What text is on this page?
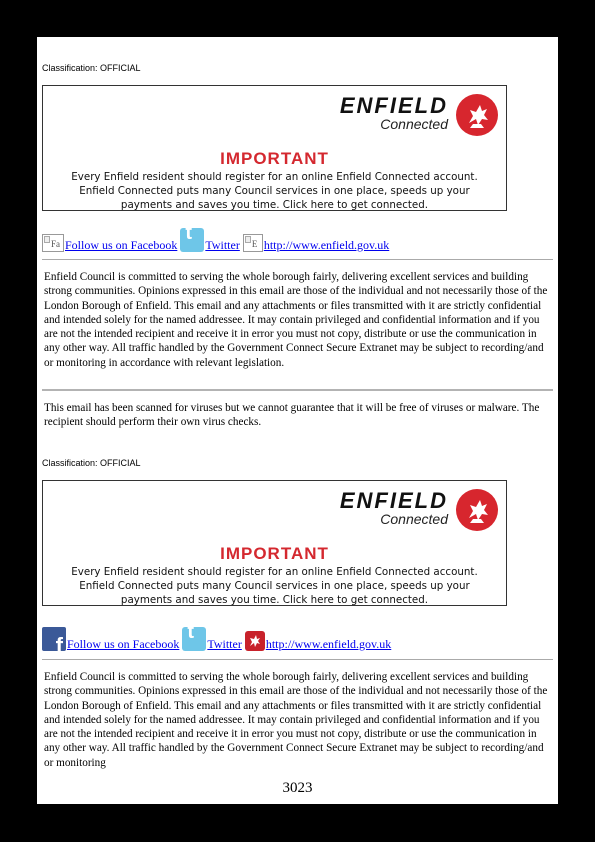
Classification: OFFICIAL
ENFIELD
Connected
IMPORTANT
Every Enfield resident should register for an online Enfield Connected account. Enfield Connected puts many Council services in one place, speeds up your payments and saves you time. Click here to get connected.
Fa Follow us on Facebook
t
Twitter E http://www.enfield.gov.uk
Enfield Council is committed to serving the whole borough fairly, delivering excellent services and building strong communities. Opinions expressed in this email are those of the individual and not necessarily those of the London Borough of Enfield. This email and any attachments or files transmitted with it are strictly confidential and intended solely for the named addressee. It may contain privileged and confidential information and if you are not the intended recipient and receive it in error you must not copy, distribute or use the communication in any other way. All traffic handled by the Government Connect Secure Extranet may be subject to recording/and or monitoring in accordance with relevant legislation.
This email has been scanned for viruses but we cannot guarantee that it will be free of viruses or malware. The recipient should perform their own virus checks.
Classification: OFFICIAL
ENFIELD
Connected
IMPORTANT
Every Enfield resident should register for an online Enfield Connected account. Enfield Connected puts many Council services in one place, speeds up your payments and saves you time. Click here to get connected.
f Follow us on Facebook
t
Twitter http://www.enfield.gov.uk
Enfield Council is committed to serving the whole borough fairly, delivering excellent services and building strong communities. Opinions expressed in this email are those of the individual and not necessarily those of the London Borough of Enfield. This email and any attachments or files transmitted with it are strictly confidential and intended solely for the named addressee. It may contain privileged and confidential information and if you are not the intended recipient and receive it in error you must not copy, distribute or use the communication in any other way. All traffic handled by the Government Connect Secure Extranet may be subject to recording/and or monitoring
3023
